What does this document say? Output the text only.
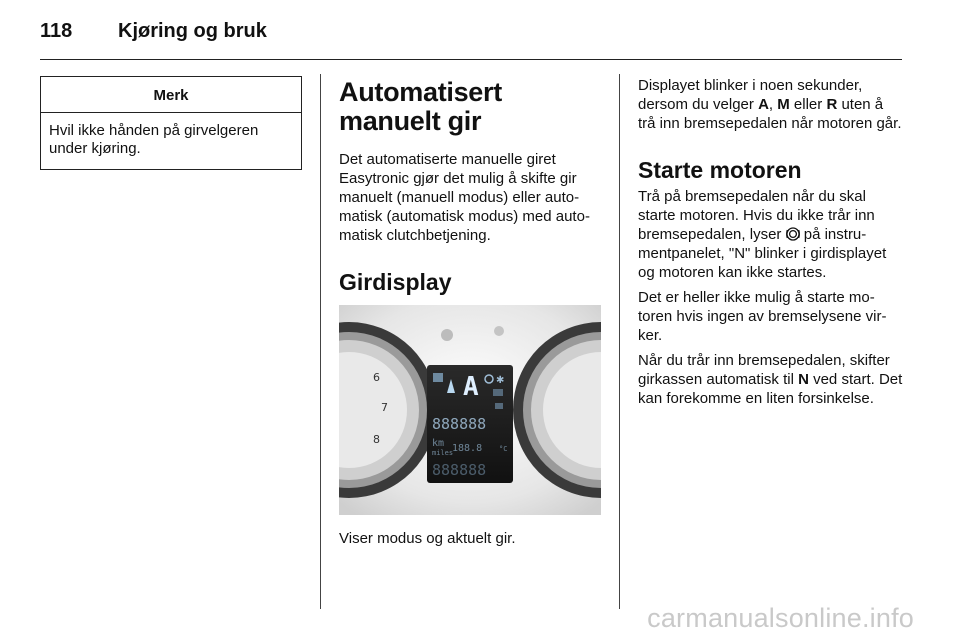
118 Kjøring og bruk
Merk
Hvil ikke hånden på girvelgeren under kjøring.
Automatisert manuelt gir
Det automatiserte manuelle giret Easytronic gjør det mulig å skifte gir manuelt (manuell modus) eller automatisk (automatisk modus) med automatisk clutchbetjening.
Girdisplay
6
7
8
A ✱
888888
km 188.8
miles	°C
888888
Viser modus og aktuelt gir.
Displayet blinker i noen sekunder, dersom du velger A, M eller R uten å trå inn bremsepedalen når motoren går.
Starte motoren
Trå på bremsepedalen når du skal starte motoren. Hvis du ikke trår inn bremsepedalen, lyser  på instrumentpanelet, "N" blinker i girdisplayet og motoren kan ikke startes.
Det er heller ikke mulig å starte motoren hvis ingen av bremselysene virker.
Når du trår inn bremsepedalen, skifter girkassen automatisk til N ved start. Det kan forekomme en liten forsinkelse.
carmanualsonline.info
